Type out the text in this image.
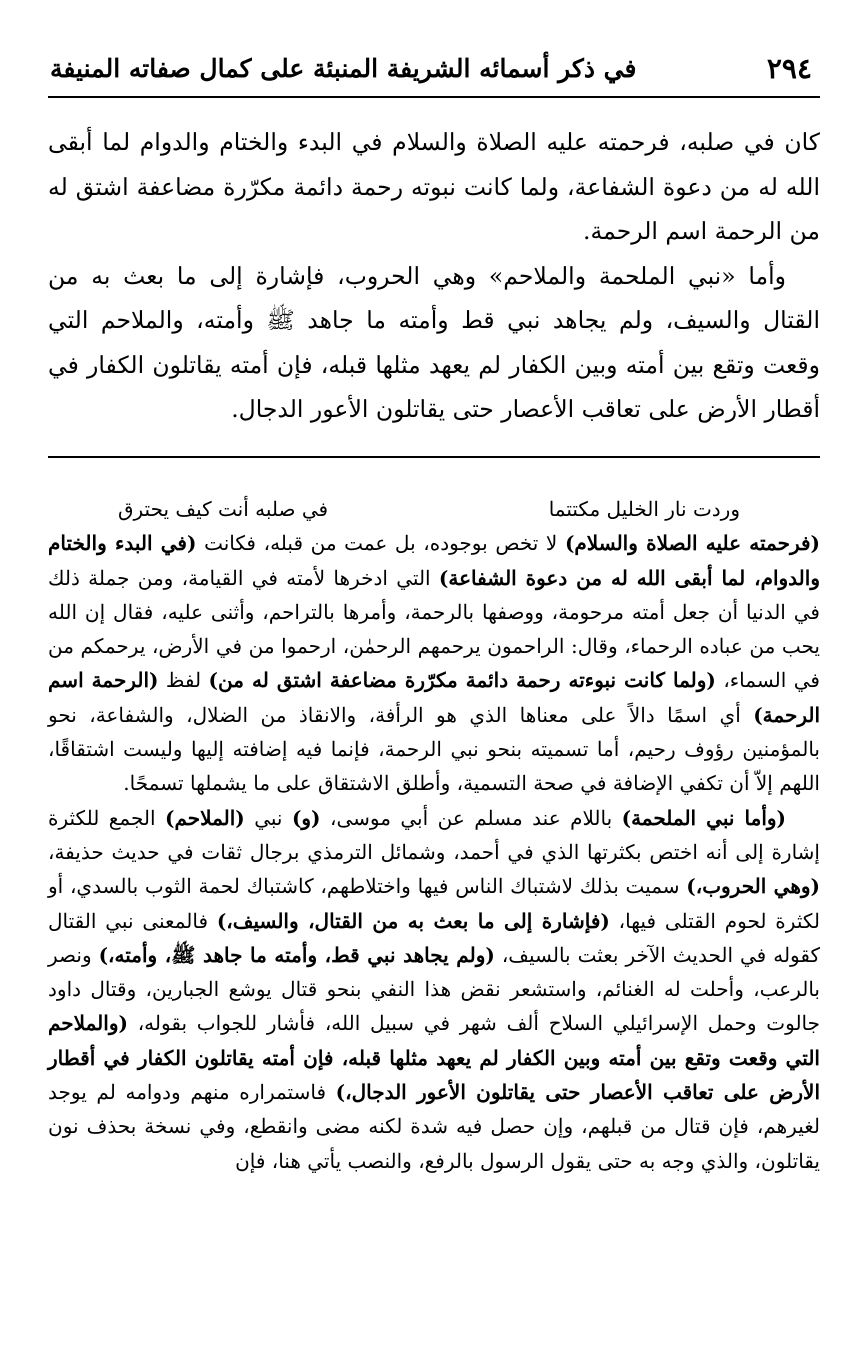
٢٩٤
في ذكر أسمائه الشريفة المنبئة على كمال صفاته المنيفة

كان في صلبه، فرحمته عليه الصلاة والسلام في البدء والختام والدوام لما أبقى الله له من دعوة الشفاعة، ولما كانت نبوته رحمة دائمة مكرّرة مضاعفة اشتق له من الرحمة اسم الرحمة.

وأما «نبي الملحمة والملاحم» وهي الحروب، فإشارة إلى ما بعث به من القتال والسيف، ولم يجاهد نبي قط وأمته ما جاهد ﷺ وأمته، والملاحم التي وقعت وتقع بين أمته وبين الكفار لم يعهد مثلها قبله، فإن أمته يقاتلون الكفار في أقطار الأرض على تعاقب الأعصار حتى يقاتلون الأعور الدجال.

وردت نار الخليل مكتتما
في صلبه أنت كيف يحترق

(فرحمته عليه الصلاة والسلام) لا تخص بوجوده، بل عمت من قبله، فكانت (في البدء والختام والدوام، لما أبقى الله له من دعوة الشفاعة) التي ادخرها لأمته في القيامة، ومن جملة ذلك في الدنيا أن جعل أمته مرحومة، ووصفها بالرحمة، وأمرها بالتراحم، وأثنى عليه، فقال إن الله يحب من عباده الرحماء، وقال: الراحمون يرحمهم الرحمٰن، ارحموا من في الأرض، يرحمكم من في السماء، (ولما كانت نبوءته رحمة دائمة مكرّرة مضاعفة اشتق له من) لفظ (الرحمة اسم الرحمة) أي اسمًا دالاً على معناها الذي هو الرأفة، والانقاذ من الضلال، والشفاعة، نحو بالمؤمنين رؤوف رحيم، أما تسميته بنحو نبي الرحمة، فإنما فيه إضافته إليها وليست اشتقاقًا، اللهم إلاّ أن تكفي الإضافة في صحة التسمية، وأطلق الاشتقاق على ما يشملها تسمحًا.

(وأما نبي الملحمة) باللام عند مسلم عن أبي موسى، (و) نبي (الملاحم) الجمع للكثرة إشارة إلى أنه اختص بكثرتها الذي في أحمد، وشمائل الترمذي برجال ثقات في حديث حذيفة، (وهي الحروب،) سميت بذلك لاشتباك الناس فيها واختلاطهم، كاشتباك لحمة الثوب بالسدي، أو لكثرة لحوم القتلى فيها، (فإشارة إلى ما بعث به من القتال، والسيف،) فالمعنى نبي القتال كقوله في الحديث الآخر بعثت بالسيف، (ولم يجاهد نبي قط، وأمته ما جاهد ﷺ، وأمته،) ونصر بالرعب، وأحلت له الغنائم، واستشعر نقض هذا النفي بنحو قتال يوشع الجبارين، وقتال داود جالوت وحمل الإسرائيلي السلاح ألف شهر في سبيل الله، فأشار للجواب بقوله، (والملاحم التي وقعت وتقع بين أمته وبين الكفار لم يعهد مثلها قبله، فإن أمته يقاتلون الكفار في أقطار الأرض على تعاقب الأعصار حتى يقاتلون الأعور الدجال،) فاستمراره منهم ودوامه لم يوجد لغيرهم، فإن قتال من قبلهم، وإن حصل فيه شدة لكنه مضى وانقطع، وفي نسخة بحذف نون يقاتلون، والذي وجه به حتى يقول الرسول بالرفع، والنصب يأتي هنا، فإن
